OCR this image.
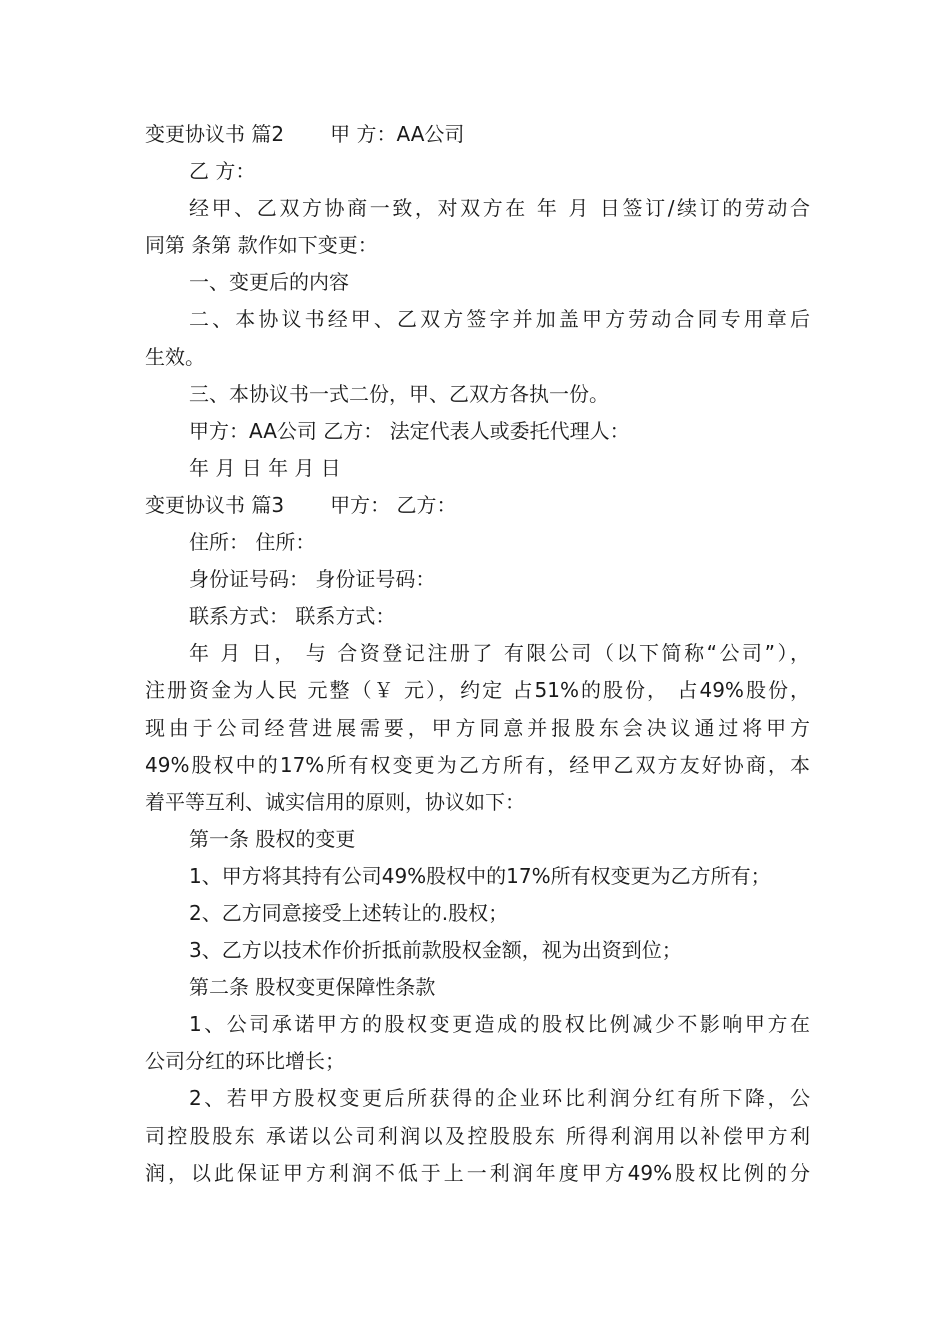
变更协议书 篇2 甲 方：AA公司

乙 方：

经甲、乙双方协商一致，对双方在 年 月 日签订/续订的劳动合

同第 条第 款作如下变更：

一、变更后的内容

二、本协议书经甲、乙双方签字并加盖甲方劳动合同专用章后

生效。

三、本协议书一式二份，甲、乙双方各执一份。

甲方：AA公司 乙方： 法定代表人或委托代理人：

年 月 日 年 月 日

变更协议书 篇3 甲方： 乙方：

住所： 住所：

身份证号码： 身份证号码：

联系方式： 联系方式：

年 月 日， 与 合资登记注册了 有限公司（以下简称“公司”），

注册资金为人民 元整（￥ 元），约定 占51%的股份， 占49%股份，

现由于公司经营进展需要，甲方同意并报股东会决议通过将甲方

49%股权中的17%所有权变更为乙方所有，经甲乙双方友好协商，本

着平等互利、诚实信用的原则，协议如下：

第一条 股权的变更

1、甲方将其持有公司49%股权中的17%所有权变更为乙方所有；

2、乙方同意接受上述转让的.股权；

3、乙方以技术作价折抵前款股权金额，视为出资到位；

第二条 股权变更保障性条款

1、公司承诺甲方的股权变更造成的股权比例减少不影响甲方在

公司分红的环比增长；

2、若甲方股权变更后所获得的企业环比利润分红有所下降，公

司控股股东 承诺以公司利润以及控股股东 所得利润用以补偿甲方利

润，以此保证甲方利润不低于上一利润年度甲方49%股权比例的分
